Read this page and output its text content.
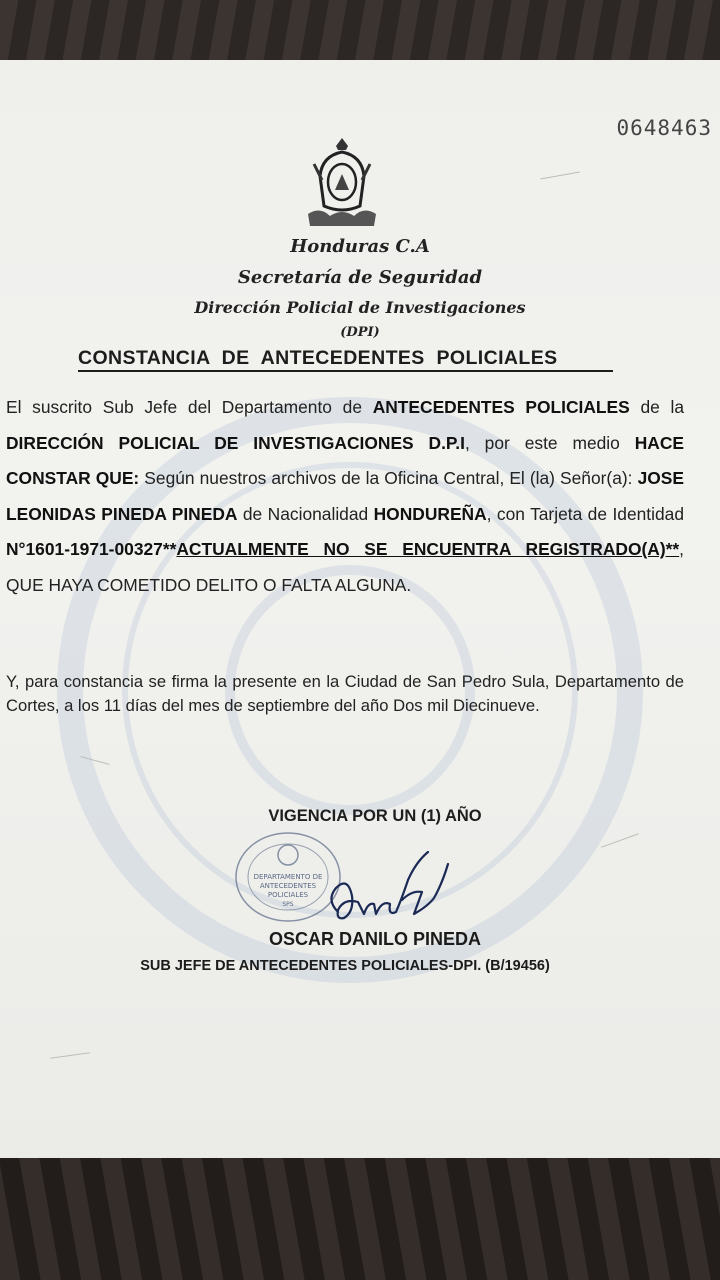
0648463
Honduras C.A
Secretaría de Seguridad
Dirección Policial de Investigaciones
(DPI)
CONSTANCIA DE ANTECEDENTES POLICIALES
El suscrito Sub Jefe del Departamento de ANTECEDENTES POLICIALES de la DIRECCIÓN POLICIAL DE INVESTIGACIONES D.P.I, por este medio HACE CONSTAR QUE: Según nuestros archivos de la Oficina Central, El (la) Señor(a): JOSE LEONIDAS PINEDA PINEDA de Nacionalidad HONDUREÑA, con Tarjeta de Identidad N°1601-1971-00327**ACTUALMENTE NO SE ENCUENTRA REGISTRADO(A)**, QUE HAYA COMETIDO DELITO O FALTA ALGUNA.
Y, para constancia se firma la presente en la Ciudad de San Pedro Sula, Departamento de Cortes, a los 11 días del mes de septiembre del año Dos mil Diecinueve.
VIGENCIA POR UN (1) AÑO
DEPARTAMENTO DE
ANTECEDENTES
POLICIALES
SPS
OSCAR DANILO PINEDA
SUB JEFE DE ANTECEDENTES POLICIALES-DPI. (B/19456)
